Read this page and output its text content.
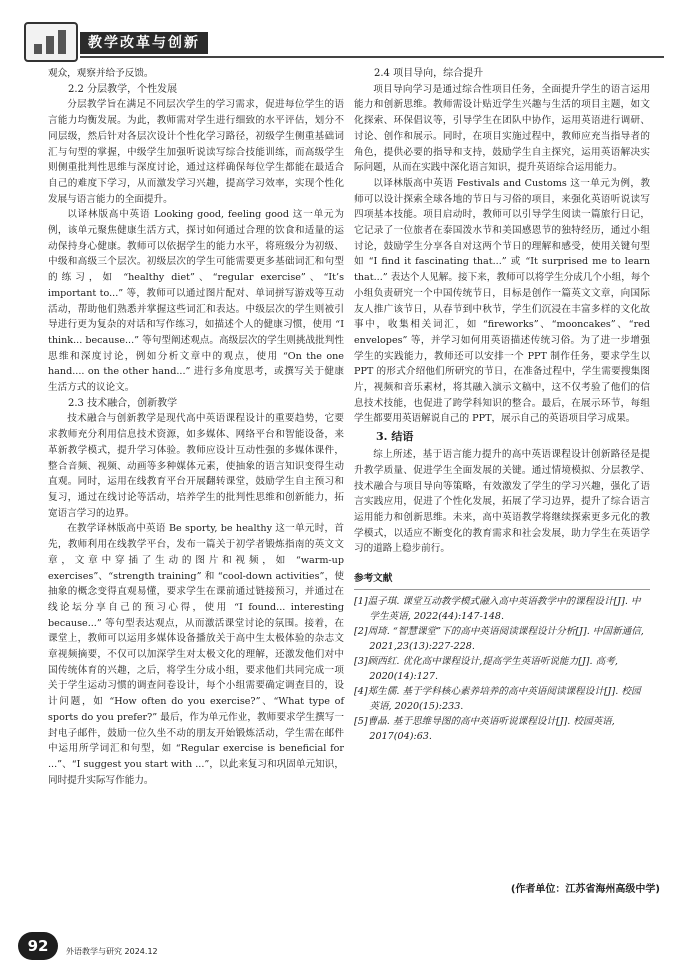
教学改革与创新

观众，观察并给予反馈。

2.2 分层教学，个性发展

分层教学旨在满足不同层次学生的学习需求，促进每位学生的语言能力均衡发展。为此，教师需对学生进行细致的水平评估，划分不同层级，然后针对各层次设计个性化学习路径，初级学生侧重基础词汇与句型的掌握，中级学生加强听说读写综合技能训练，而高级学生则侧重批判性思维与深度讨论，通过这样确保每位学生都能在最适合自己的难度下学习，从而激发学习兴趣，提高学习效率，实现个性化发展与语言能力的全面提升。

以译林版高中英语 Looking good, feeling good 这一单元为例，该单元聚焦健康生活方式，探讨如何通过合理的饮食和适量的运动保持身心健康。教师可以依据学生的能力水平，将班级分为初级、中级和高级三个层次。初级层次的学生可能需要更多基础词汇和句型的练习，如 “healthy diet”、“regular exercise”、“It’s important to...” 等，教师可以通过图片配对、单词拼写游戏等互动活动，帮助他们熟悉并掌握这些词汇和表达。中级层次的学生则被引导进行更为复杂的对话和写作练习，如描述个人的健康习惯，使用 “I think... because...” 等句型阐述观点。高级层次的学生则挑战批判性思维和深度讨论，例如分析文章中的观点，使用 “On the one hand.... on the other hand...” 进行多角度思考，或撰写关于健康生活方式的议论文。

2.3 技术融合，创新教学

技术融合与创新教学是现代高中英语课程设计的重要趋势，它要求教师充分利用信息技术资源，如多媒体、网络平台和智能设备，来革新教学模式，提升学习体验。教师应设计互动性强的多媒体课件，整合音频、视频、动画等多种媒体元素，使抽象的语言知识变得生动直观。同时，运用在线教育平台开展翻转课堂，鼓励学生自主预习和复习，通过在线讨论等活动，培养学生的批判性思维和创新能力，拓宽语言学习的边界。

在教学译林版高中英语 Be sporty, be healthy 这一单元时，首先，教师利用在线教学平台，发布一篇关于初学者锻炼指南的英文文章，文章中穿插了生动的图片和视频，如 “warm-up exercises”、“strength training” 和 “cool-down activities”，使抽象的概念变得直观易懂，要求学生在课前通过链接预习，并通过在线论坛分享自己的预习心得，使用 “I found... interesting because...” 等句型表达观点，从而激活课堂讨论的氛围。接着，在课堂上，教师可以运用多媒体设备播放关于高中生太极体验的杂志文章视频摘要，不仅可以加深学生对太极文化的理解，还激发他们对中国传统体育的兴趣，之后，将学生分成小组，要求他们共同完成一项关于学生运动习惯的调查问卷设计，每个小组需要确定调查目的，设计问题，如 “How often do you exercise?”、“What type of sports do you prefer?” 最后，作为单元作业，教师要求学生撰写一封电子邮件，鼓励一位久坐不动的朋友开始锻炼活动，学生需在邮件中运用所学词汇和句型，如 “Regular exercise is beneficial for ...”、“I suggest you start with ...”，以此来复习和巩固单元知识，同时提升实际写作能力。

2.4 项目导向，综合提升

项目导向学习是通过综合性项目任务，全面提升学生的语言运用能力和创新思维。教师需设计贴近学生兴趣与生活的项目主题，如文化探索、环保倡议等，引导学生在团队中协作，运用英语进行调研、讨论、创作和展示。同时，在项目实施过程中，教师应充当指导者的角色，提供必要的指导和支持，鼓励学生自主探究，运用英语解决实际问题，从而在实践中深化语言知识，提升英语综合运用能力。

以译林版高中英语 Festivals and Customs 这一单元为例，教师可以设计探索全球各地的节日与习俗的项目，来强化英语听说读写四项基本技能。项目启动时，教师可以引导学生阅读一篇旅行日记，它记录了一位旅者在泰国泼水节和美国感恩节的独特经历，通过小组讨论，鼓励学生分享各自对这两个节日的理解和感受，使用关键句型如 “I find it fascinating that...” 或 “It surprised me to learn that...” 表达个人见解。接下来，教师可以将学生分成几个小组，每个小组负责研究一个中国传统节日，目标是创作一篇英文文章，向国际友人推广该节日，从春节到中秋节，学生们沉浸在丰富多样的文化故事中，收集相关词汇，如 “fireworks”、“mooncakes”、“red envelopes” 等，并学习如何用英语描述传统习俗。为了进一步增强学生的实践能力，教师还可以安排一个 PPT 制作任务，要求学生以 PPT 的形式介绍他们所研究的节日，在准备过程中，学生需要搜集图片，视频和音乐素材，将其融入演示文稿中，这不仅考验了他们的信息技术技能，也促进了跨学科知识的整合。最后，在展示环节，每组学生都要用英语解说自己的 PPT，展示自己的英语项目学习成果。

3. 结语

综上所述，基于语言能力提升的高中英语课程设计创新路径是提升教学质量、促进学生全面发展的关键。通过情境模拟、分层教学、技术融合与项目导向等策略，有效激发了学生的学习兴趣，强化了语言实践应用，促进了个性化发展，拓展了学习边界，提升了综合语言运用能力和创新思维。未来，高中英语教学将继续探索更多元化的教学模式，以适应不断变化的教育需求和社会发展，助力学生在英语学习的道路上稳步前行。

参考文献
[1]温子琪. 课堂互动教学模式融入高中英语教学中的课程设计[J]. 中学生英语, 2022(44):147-148.
[2]周琦. “智慧课堂”下的高中英语阅读课程设计分析[J]. 中国新通信, 2021,23(13):227-228.
[3]顾西红. 优化高中课程设计,提高学生英语听说能力[J]. 高考, 2020(14):127.
[4]郑生儒. 基于学科核心素养培养的高中英语阅读课程设计[J]. 校园英语, 2020(15):233.
[5]曹晶. 基于思维导图的高中英语听说课程设计[J]. 校园英语, 2017(04):63.
(作者单位：江苏省海州高级中学)
92	外语教学与研究 2024.12
